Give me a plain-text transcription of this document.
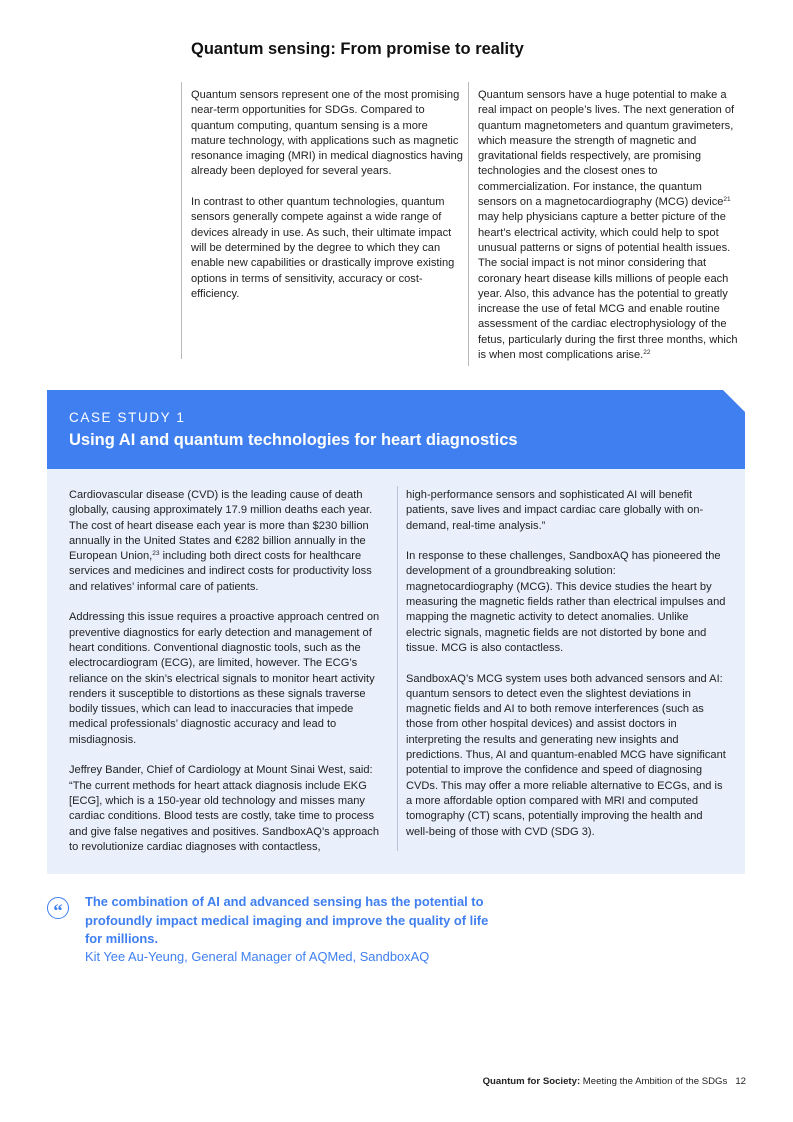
Quantum sensing: From promise to reality

Quantum sensors represent one of the most promising near-term opportunities for SDGs. Compared to quantum computing, quantum sensing is a more mature technology, with applications such as magnetic resonance imaging (MRI) in medical diagnostics having already been deployed for several years.

In contrast to other quantum technologies, quantum sensors generally compete against a wide range of devices already in use. As such, their ultimate impact will be determined by the degree to which they can enable new capabilities or drastically improve existing options in terms of sensitivity, accuracy or cost-efficiency.

Quantum sensors have a huge potential to make a real impact on people’s lives. The next generation of quantum magnetometers and quantum gravimeters, which measure the strength of magnetic and gravitational fields respectively, are promising technologies and the closest ones to commercialization. For instance, the quantum sensors on a magnetocardiography (MCG) device$^{21}$ may help physicians capture a better picture of the heart’s electrical activity, which could help to spot unusual patterns or signs of potential health issues. The social impact is not minor considering that coronary heart disease kills millions of people each year. Also, this advance has the potential to greatly increase the use of fetal MCG and enable routine assessment of the cardiac electrophysiology of the fetus, particularly during the first three months, which is when most complications arise.$^{22}$

CASE STUDY 1
Using AI and quantum technologies for heart diagnostics

Cardiovascular disease (CVD) is the leading cause of death globally, causing approximately 17.9 million deaths each year. The cost of heart disease each year is more than $230 billion annually in the United States and €282 billion annually in the European Union,$^{23}$ including both direct costs for healthcare services and medicines and indirect costs for productivity loss and relatives’ informal care of patients.

Addressing this issue requires a proactive approach centred on preventive diagnostics for early detection and management of heart conditions. Conventional diagnostic tools, such as the electrocardiogram (ECG), are limited, however. The ECG’s reliance on the skin’s electrical signals to monitor heart activity renders it susceptible to distortions as these signals traverse bodily tissues, which can lead to inaccuracies that impede medical professionals’ diagnostic accuracy and lead to misdiagnosis.

Jeffrey Bander, Chief of Cardiology at Mount Sinai West, said: “The current methods for heart attack diagnosis include EKG [ECG], which is a 150-year old technology and misses many cardiac conditions. Blood tests are costly, take time to process and give false negatives and positives. SandboxAQ’s approach to revolutionize cardiac diagnoses with contactless,

high-performance sensors and sophisticated AI will benefit patients, save lives and impact cardiac care globally with on-demand, real-time analysis.”

In response to these challenges, SandboxAQ has pioneered the development of a groundbreaking solution: magnetocardiography (MCG). This device studies the heart by measuring the magnetic fields rather than electrical impulses and mapping the magnetic activity to detect anomalies. Unlike electric signals, magnetic fields are not distorted by bone and tissue. MCG is also contactless.

SandboxAQ’s MCG system uses both advanced sensors and AI: quantum sensors to detect even the slightest deviations in magnetic fields and AI to both remove interferences (such as those from other hospital devices) and assist doctors in interpreting the results and generating new insights and predictions. Thus, AI and quantum-enabled MCG have significant potential to improve the confidence and speed of diagnosing CVDs. This may offer a more reliable alternative to ECGs, and is a more affordable option compared with MRI and computed tomography (CT) scans, potentially improving the health and well-being of those with CVD (SDG 3).

“	The combination of AI and advanced sensing has the potential to profoundly impact medical imaging and improve the quality of life for millions.

Kit Yee Au-Yeung, General Manager of AQMed, SandboxAQ

Quantum for Society: Meeting the Ambition of the SDGs 12
